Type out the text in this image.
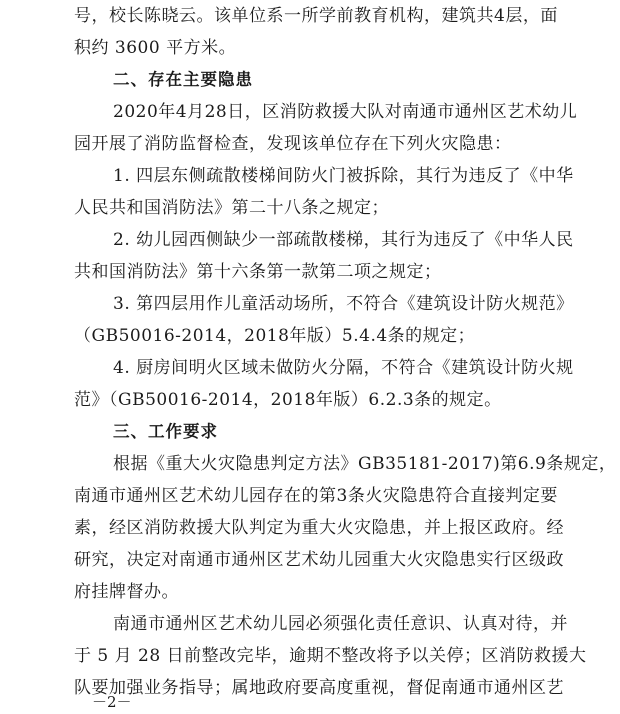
号，校长陈晓云。该单位系一所学前教育机构，建筑共4层，面
积约 3600 平方米。
二、存在主要隐患
2020年4月28日，区消防救援大队对南通市通州区艺术幼儿
园开展了消防监督检查，发现该单位存在下列火灾隐患：
1. 四层东侧疏散楼梯间防火门被拆除，其行为违反了《中华
人民共和国消防法》第二十八条之规定；
2. 幼儿园西侧缺少一部疏散楼梯，其行为违反了《中华人民
共和国消防法》第十六条第一款第二项之规定；
3. 第四层用作儿童活动场所，不符合《建筑设计防火规范》
（GB50016-2014，2018年版）5.4.4条的规定；
4. 厨房间明火区域未做防火分隔，不符合《建筑设计防火规
范》（GB50016-2014，2018年版）6.2.3条的规定。
三、工作要求
根据《重大火灾隐患判定方法》GB35181-2017)第6.9条规定，
南通市通州区艺术幼儿园存在的第3条火灾隐患符合直接判定要
素，经区消防救援大队判定为重大火灾隐患，并上报区政府。经
研究，决定对南通市通州区艺术幼儿园重大火灾隐患实行区级政
府挂牌督办。
南通市通州区艺术幼儿园必须强化责任意识、认真对待，并
于 5 月 28 日前整改完毕，逾期不整改将予以关停；区消防救援大
队要加强业务指导；属地政府要高度重视，督促南通市通州区艺
－2－
